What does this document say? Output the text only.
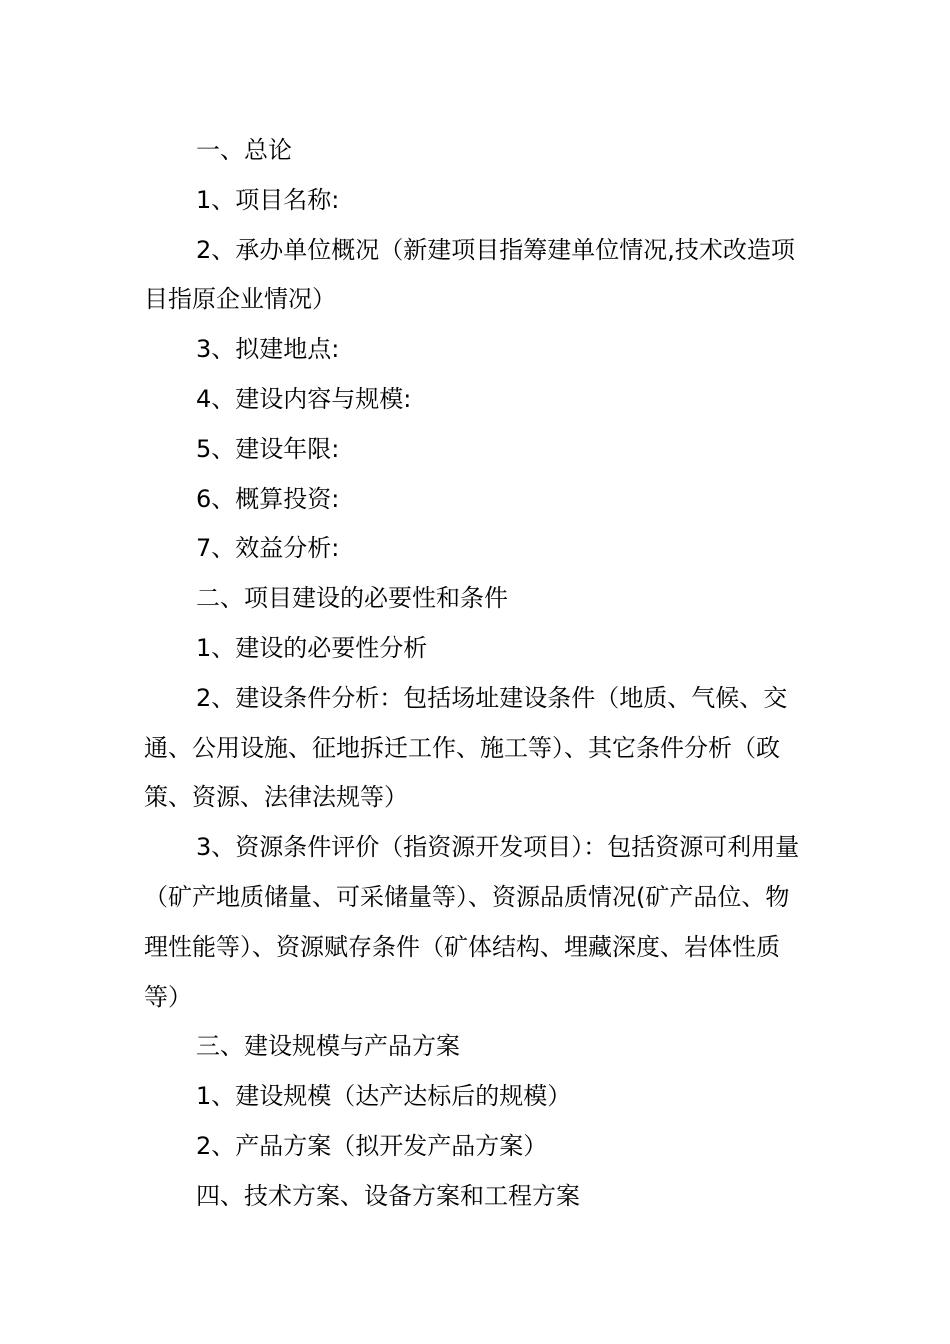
一、总论

1、项目名称:

2、承办单位概况（新建项目指筹建单位情况,技术改造项目指原企业情况）

3、拟建地点:

4、建设内容与规模:

5、建设年限:

6、概算投资:

7、效益分析:

二、项目建设的必要性和条件

1、建设的必要性分析

2、建设条件分析：包括场址建设条件（地质、气候、交通、公用设施、征地拆迁工作、施工等）、其它条件分析（政策、资源、法律法规等）

3、资源条件评价（指资源开发项目）：包括资源可利用量（矿产地质储量、可采储量等）、资源品质情况(矿产品位、物理性能等）、资源赋存条件（矿体结构、埋藏深度、岩体性质等）

三、建设规模与产品方案

1、建设规模（达产达标后的规模）

2、产品方案（拟开发产品方案）

四、技术方案、设备方案和工程方案
